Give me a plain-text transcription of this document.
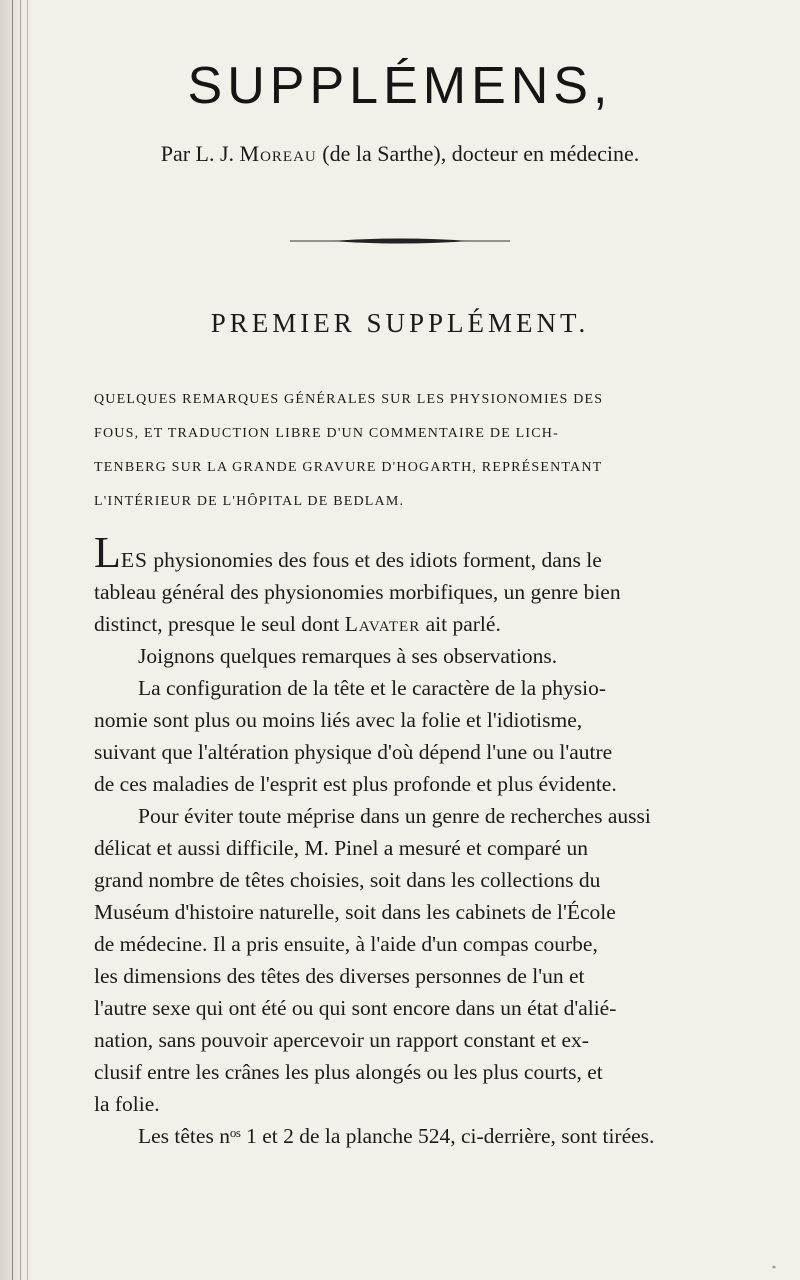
SUPPLÉMENS,
Par L. J. Moreau (de la Sarthe), docteur en médecine.
PREMIER SUPPLÉMENT.
QUELQUES REMARQUES GÉNÉRALES SUR LES PHYSIONOMIES DES
FOUS, ET TRADUCTION LIBRE D'UN COMMENTAIRE DE LICH-
TENBERG SUR LA GRANDE GRAVURE D'HOGARTH, REPRÉSENTANT
L'INTÉRIEUR DE L'HÔPITAL DE BEDLAM.
LES physionomies des fous et des idiots forment, dans le
tableau général des physionomies morbifiques, un genre bien
distinct, presque le seul dont Lavater ait parlé.
Joignons quelques remarques à ses observations.
La configuration de la tête et le caractère de la physio-
nomie sont plus ou moins liés avec la folie et l'idiotisme,
suivant que l'altération physique d'où dépend l'une ou l'autre
de ces maladies de l'esprit est plus profonde et plus évidente.
Pour éviter toute méprise dans un genre de recherches aussi
délicat et aussi difficile, M. Pinel a mesuré et comparé un
grand nombre de têtes choisies, soit dans les collections du
Muséum d'histoire naturelle, soit dans les cabinets de l'École
de médecine. Il a pris ensuite, à l'aide d'un compas courbe,
les dimensions des têtes des diverses personnes de l'un et
l'autre sexe qui ont été ou qui sont encore dans un état d'alié-
nation, sans pouvoir apercevoir un rapport constant et ex-
clusif entre les crânes les plus alongés ou les plus courts, et
la folie.
Les têtes nᵒˢ 1 et 2 de la planche 524, ci-derrière, sont tirées.
*
